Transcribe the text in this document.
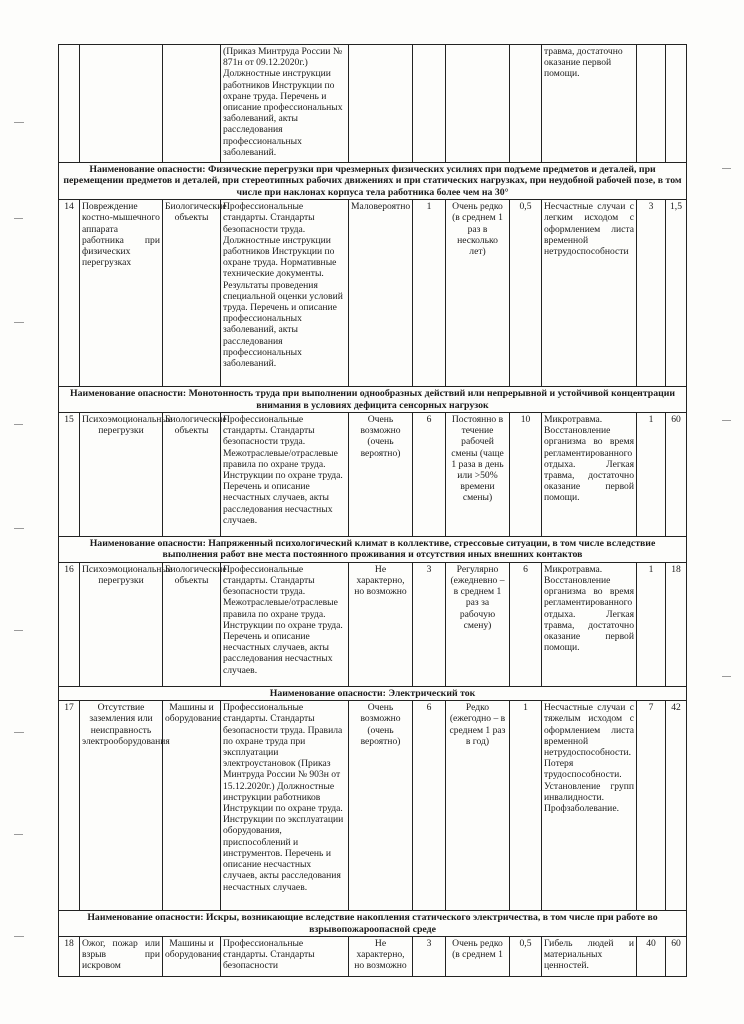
			(Приказ Минтруда России № 871н от 09.12.2020г.) Должностные инструкции работников Инструкции по охране труда. Перечень и описание профессиональных заболеваний, акты расследования профессиональных заболеваний.					травма, достаточно оказание первой помощи.		
Наименование опасности: Физические перегрузки при чрезмерных физических усилиях при подъеме предметов и деталей, при перемещении предметов и деталей, при стереотипных рабочих движениях и при статических нагрузках, при неудобной рабочей позе, в том числе при наклонах корпуса тела работника более чем на 30°										
14	Повреждение костно-мышечного аппарата работника при физических перегрузках	Биологические объекты	Профессиональные стандарты. Стандарты безопасности труда. Должностные инструкции работников Инструкции по охране труда. Нормативные технические документы. Результаты проведения специальной оценки условий труда. Перечень и описание профессиональных заболеваний, акты расследования профессиональных заболеваний.	Маловероятно	1	Очень редко (в среднем 1 раз в несколько лет)	0,5	Несчастные случаи с легким исходом с оформлением листа временной нетрудоспособности	3	1,5
Наименование опасности: Монотонность труда при выполнении однообразных действий или непрерывной и устойчивой концентрации внимания в условиях дефицита сенсорных нагрузок										
15	Психоэмоциональные перегрузки	Биологические объекты	Профессиональные стандарты. Стандарты безопасности труда. Межотраслевые/отраслевые правила по охране труда. Инструкции по охране труда. Перечень и описание несчастных случаев, акты расследования несчастных случаев.	Очень возможно (очень вероятно)	6	Постоянно в течение рабочей смены (чаще 1 раза в день или >50% времени смены)	10	Микротравма. Восстановление организма во время регламентированного отдыха. Легкая травма, достаточно оказание первой помощи.	1	60
Наименование опасности: Напряженный психологический климат в коллективе, стрессовые ситуации, в том числе вследствие выполнения работ вне места постоянного проживания и отсутствия иных внешних контактов										
16	Психоэмоциональные перегрузки	Биологические объекты	Профессиональные стандарты. Стандарты безопасности труда. Межотраслевые/отраслевые правила по охране труда. Инструкции по охране труда. Перечень и описание несчастных случаев, акты расследования несчастных случаев.	Не характерно, но возможно	3	Регулярно (ежедневно – в среднем 1 раз за рабочую смену)	6	Микротравма. Восстановление организма во время регламентированного отдыха. Легкая травма, достаточно оказание первой помощи.	1	18
Наименование опасности: Электрический ток										
17	Отсутствие заземления или неисправность электрооборудования	Машины и оборудование	Профессиональные стандарты. Стандарты безопасности труда. Правила по охране труда при эксплуатации электроустановок (Приказ Минтруда России № 903н от 15.12.2020г.) Должностные инструкции работников Инструкции по охране труда. Инструкции по эксплуатации оборудования, приспособлений и инструментов. Перечень и описание несчастных случаев, акты расследования несчастных случаев.	Очень возможно (очень вероятно)	6	Редко (ежегодно – в среднем 1 раз в год)	1	Несчастные случаи с тяжелым исходом с оформлением листа временной нетрудоспособности. Потеря трудоспособности. Установление групп инвалидности. Профзаболевание.	7	42
Наименование опасности: Искры, возникающие вследствие накопления статического электричества, в том числе при работе во взрывопожароопасной среде										
18	Ожог, пожар или взрыв при искровом	Машины и оборудование	Профессиональные стандарты. Стандарты безопасности	Не характерно, но возможно	3	Очень редко (в среднем 1	0,5	Гибель людей и материальных ценностей.	40	60
